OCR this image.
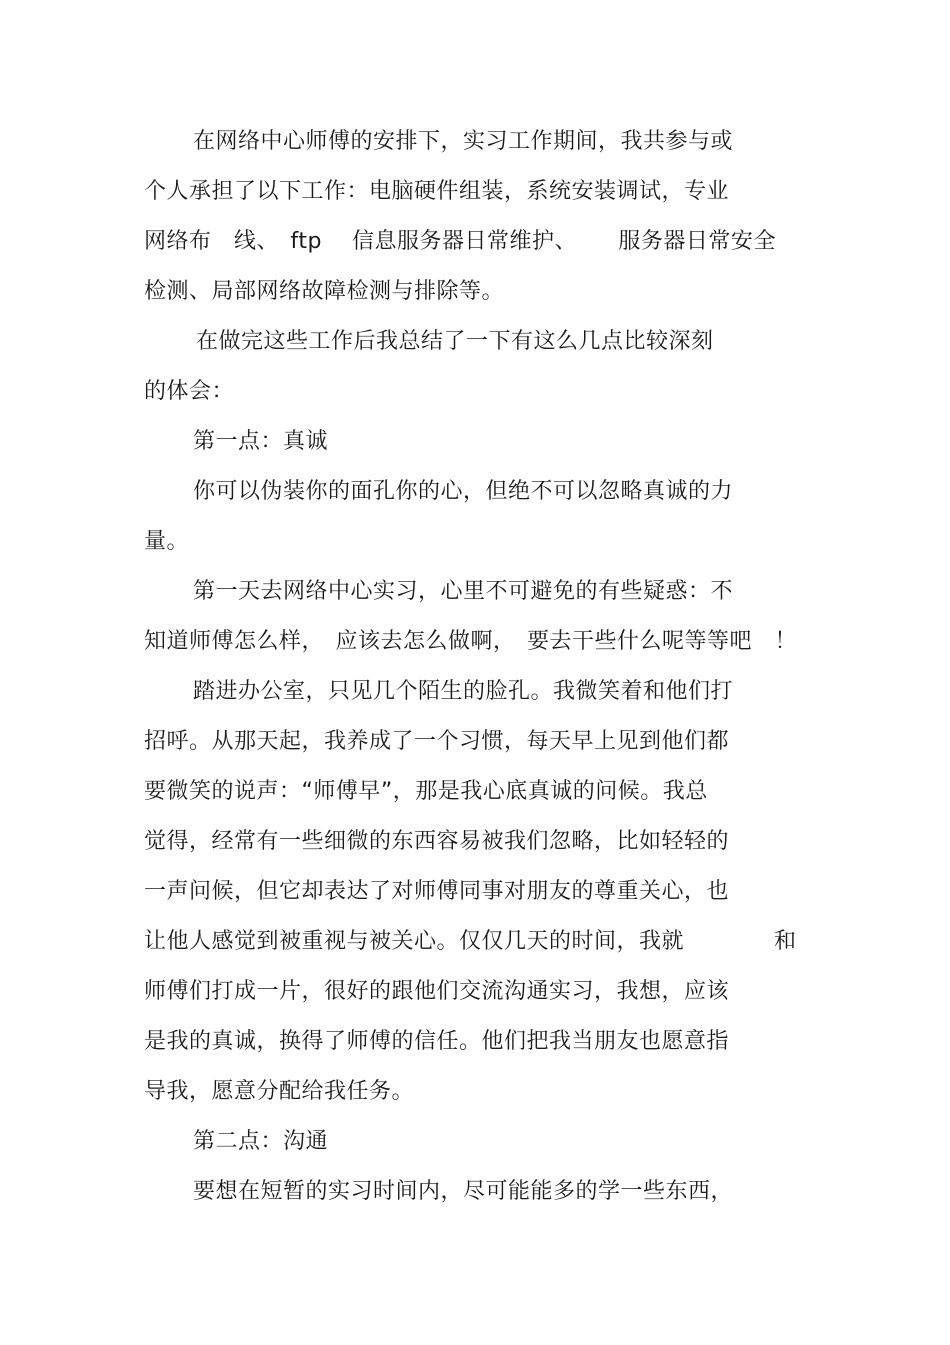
在网络中心师傅的安排下，实习工作期间，我共参与或
个人承担了以下工作：电脑硬件组装，系统安装调试，专业
网络布　线、　ftp　 信息服务器日常维护、　　 服务器日常安全
检测、局部网络故障检测与排除等。
在做完这些工作后我总结了一下有这么几点比较深刻
的体会：
第一点：真诚
你可以伪装你的面孔你的心，但绝不可以忽略真诚的力
量。
第一天去网络中心实习，心里不可避免的有些疑惑：不
知道师傅怎么样，　应该去怎么做啊，　要去干些什么呢等等吧　！
踏进办公室，只见几个陌生的脸孔。我微笑着和他们打
招呼。从那天起，我养成了一个习惯，每天早上见到他们都
要微笑的说声：“师傅早”，那是我心底真诚的问候。我总
觉得，经常有一些细微的东西容易被我们忽略，比如轻轻的
一声问候，但它却表达了对师傅同事对朋友的尊重关心，也
让他人感觉到被重视与被关心。仅仅几天的时间，我就　　　　和
师傅们打成一片，很好的跟他们交流沟通实习，我想，应该
是我的真诚，换得了师傅的信任。他们把我当朋友也愿意指
导我，愿意分配给我任务。
第二点：沟通
要想在短暂的实习时间内，尽可能能多的学一些东西，
